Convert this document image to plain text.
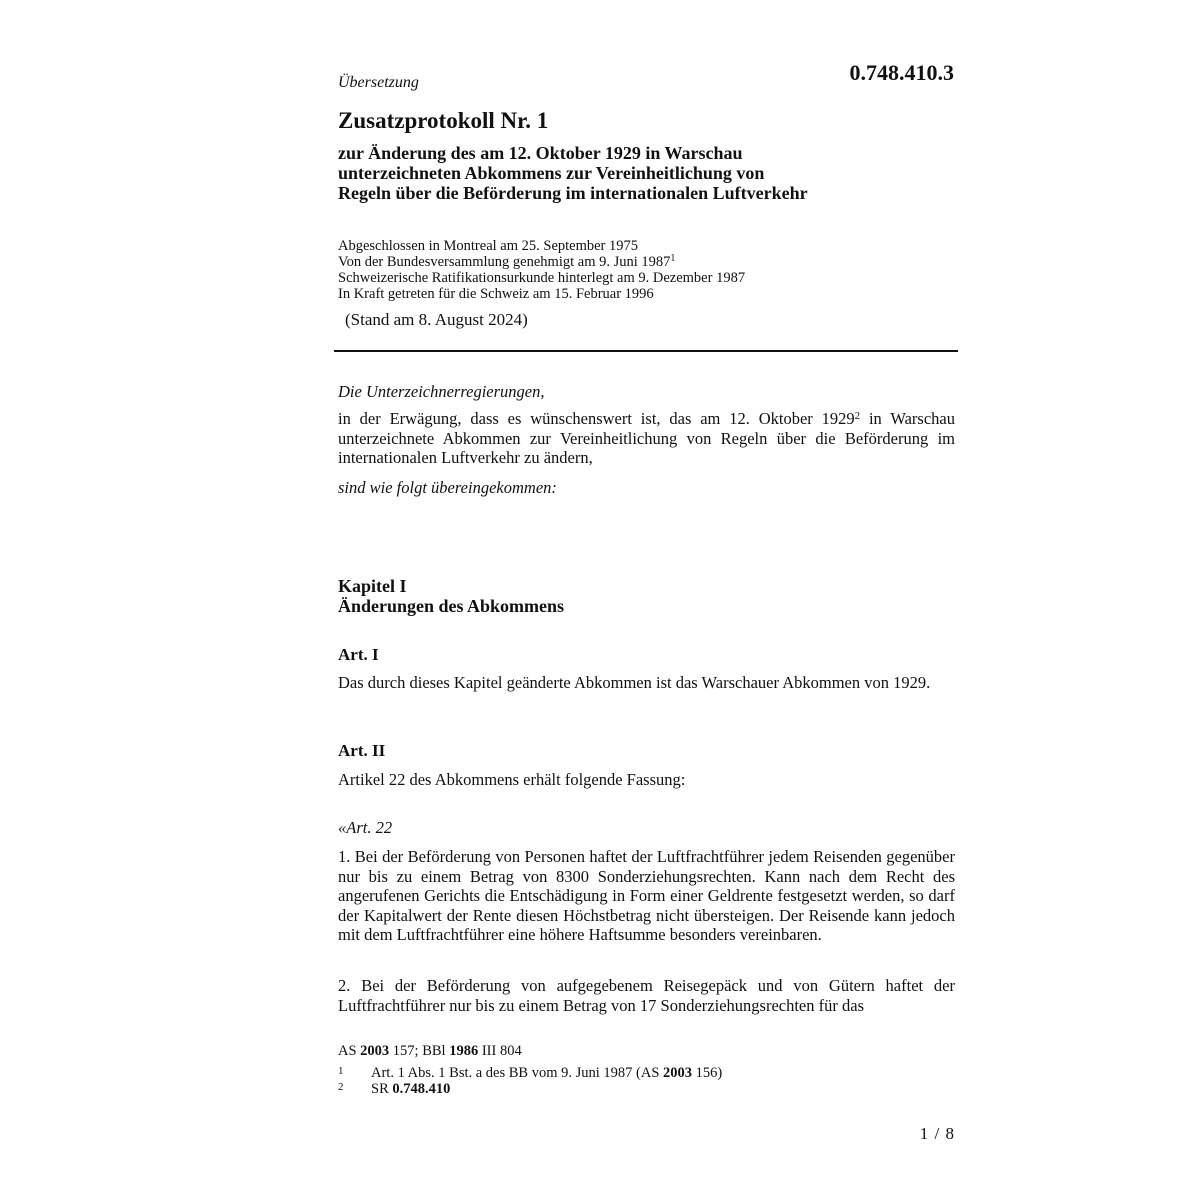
Übersetzung	0.748.410.3
Zusatzprotokoll Nr. 1
zur Änderung des am 12. Oktober 1929 in Warschau
unterzeichneten Abkommens zur Vereinheitlichung von
Regeln über die Beförderung im internationalen Luftverkehr
Abgeschlossen in Montreal am 25. September 1975
Von der Bundesversammlung genehmigt am 9. Juni 1987$^1$
Schweizerische Ratifikationsurkunde hinterlegt am 9. Dezember 1987
In Kraft getreten für die Schweiz am 15. Februar 1996
(Stand am 8. August 2024)
Die Unterzeichnerregierungen,
in der Erwägung, dass es wünschenswert ist, das am 12. Oktober 1929$^2$ in Warschau unterzeichnete Abkommen zur Vereinheitlichung von Regeln über die Beförderung im internationalen Luftverkehr zu ändern,
sind wie folgt übereingekommen:
Kapitel I
Änderungen des Abkommens
Art. I
Das durch dieses Kapitel geänderte Abkommen ist das Warschauer Abkommen von 1929.
Art. II
Artikel 22 des Abkommens erhält folgende Fassung:
«Art. 22
1. Bei der Beförderung von Personen haftet der Luftfrachtführer jedem Reisenden gegenüber nur bis zu einem Betrag von 8300 Sonderziehungsrechten. Kann nach dem Recht des angerufenen Gerichts die Entschädigung in Form einer Geldrente festgesetzt werden, so darf der Kapitalwert der Rente diesen Höchstbetrag nicht übersteigen. Der Reisende kann jedoch mit dem Luftfrachtführer eine höhere Haftsumme besonders vereinbaren.
2. Bei der Beförderung von aufgegebenem Reisegepäck und von Gütern haftet der Luftfrachtführer nur bis zu einem Betrag von 17 Sonderziehungsrechten für das
AS 2003 157; BBl 1986 III 804
1 Art. 1 Abs. 1 Bst. a des BB vom 9. Juni 1987 (AS 2003 156)
2 SR 0.748.410
1 / 8
